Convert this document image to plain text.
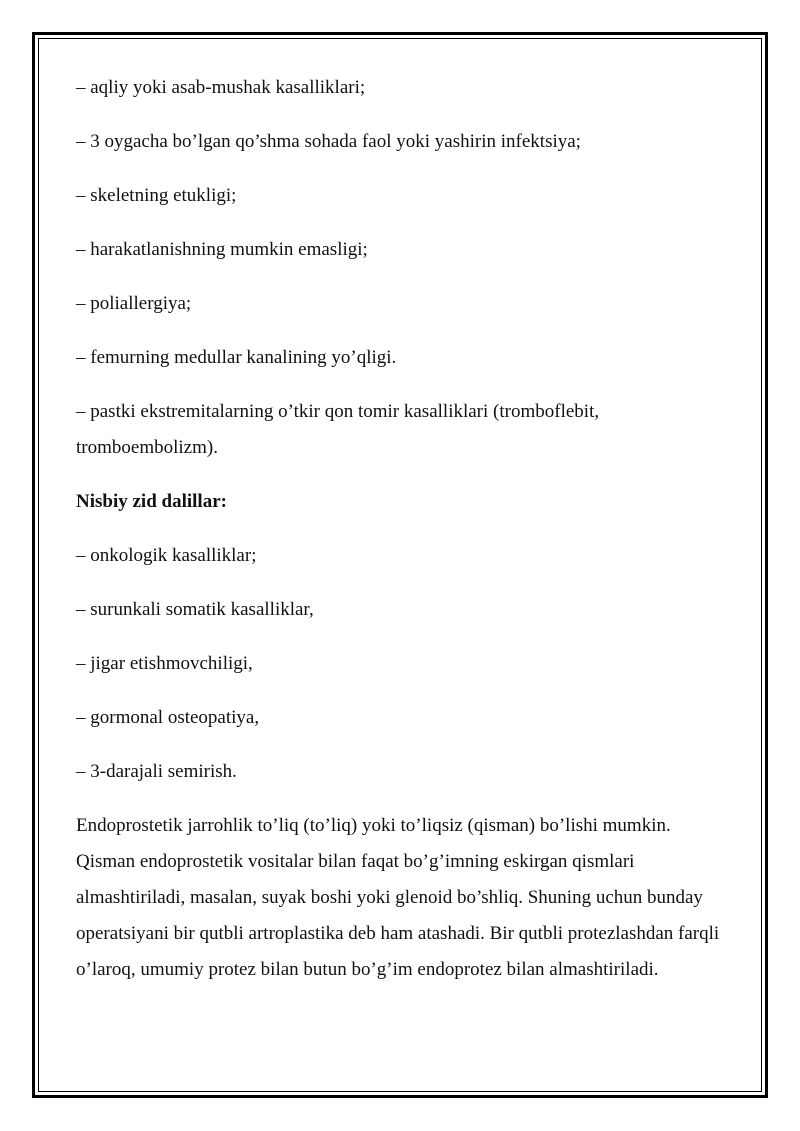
– aqliy yoki asab-mushak kasalliklari;

– 3 oygacha bo’lgan qo’shma sohada faol yoki yashirin infektsiya;

– skeletning etukligi;

– harakatlanishning mumkin emasligi;

– poliallergiya;

– femurning medullar kanalining yo’qligi.

– pastki ekstremitalarning o’tkir qon tomir kasalliklari (tromboflebit, tromboembolizm).

Nisbiy zid dalillar:

– onkologik kasalliklar;

– surunkali somatik kasalliklar,

– jigar etishmovchiligi,

– gormonal osteopatiya,

– 3-darajali semirish.

Endoprostetik jarrohlik to’liq (to’liq) yoki to’liqsiz (qisman) bo’lishi mumkin. Qisman endoprostetik vositalar bilan faqat bo’g’imning eskirgan qismlari almashtiriladi, masalan, suyak boshi yoki glenoid bo’shliq. Shuning uchun bunday operatsiyani bir qutbli artroplastika deb ham atashadi. Bir qutbli protezlashdan farqli o’laroq, umumiy protez bilan butun bo’g’im endoprotez bilan almashtiriladi.
